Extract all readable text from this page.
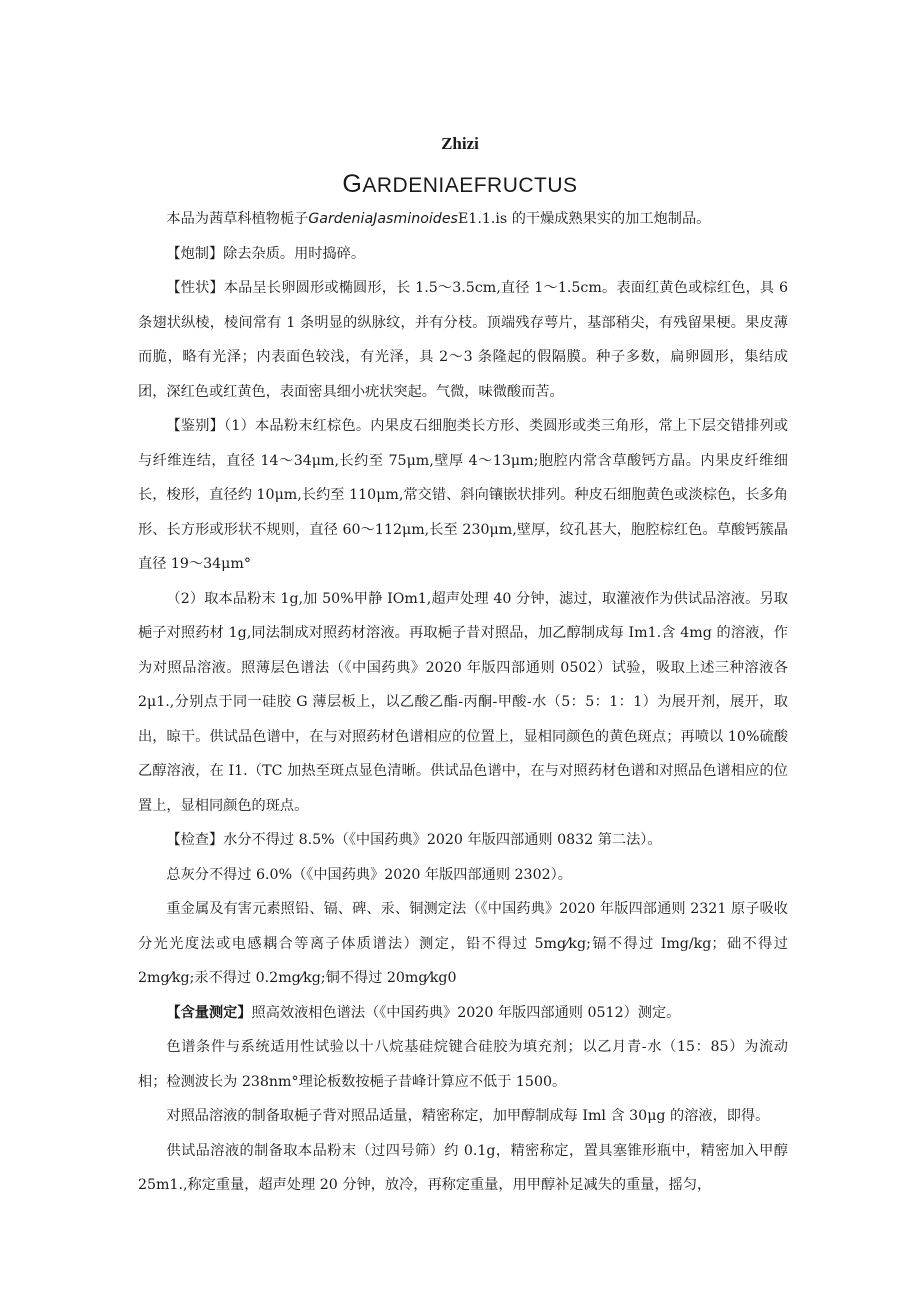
Zhizi
GARDENIAEFRUCTUS

本品为茜草科植物栀子GardeniaJasminoidesE1.1.is 的干燥成熟果实的加工炮制品。

【炮制】除去杂质。用时捣碎。

【性状】本品呈长卵圆形或椭圆形，长 1.5～3.5cm,直径 1～1.5cm。表面红黄色或棕红色，具 6 条翅状纵棱，棱间常有 1 条明显的纵脉纹，并有分枝。顶端残存萼片，基部稍尖，有残留果梗。果皮薄而脆，略有光泽；内表面色较浅，有光泽，具 2～3 条隆起的假隔膜。种子多数，扁卵圆形，集结成团，深红色或红黄色，表面密具细小疣状突起。气微，味微酸而苦。

【鉴别】（1）本品粉末红棕色。内果皮石细胞类长方形、类圆形或类三角形，常上下层交错排列或与纤维连结，直径 14～34μm,长约至 75μm,壁厚 4～13μm;胞腔内常含草酸钙方晶。内果皮纤维细长，梭形，直径约 10μm,长约至 110μm,常交错、斜向镶嵌状排列。种皮石细胞黄色或淡棕色，长多角形、长方形或形状不规则，直径 60～112μm,长至 230μm,壁厚，纹孔甚大，胞腔棕红色。草酸钙簇晶直径 19～34μm°

（2）取本品粉末 1g,加 50%甲静 IOm1,超声处理 40 分钟，滤过，取灌液作为供试品溶液。另取梔子对照药材 1g,同法制成对照药材溶液。再取梔子昔对照品，加乙醇制成每 Im1.含 4mg 的溶液，作为对照品溶液。照薄层色谱法（《中国药典》2020 年版四部通则 0502）试验，吸取上述三种溶液各 2μ1.,分别点于同一硅胶 G 薄层板上，以乙酸乙酯-丙酮-甲酸-水（5：5：1：1）为展开剂，展开，取出，晾干。供试品色谱中，在与对照药材色谱相应的位置上，显相同颜色的黄色斑点；再喷以 10%硫酸乙醇溶液，在 I1.（TC 加热至斑点显色清晰。供试品色谱中，在与对照药材色谱和对照品色谱相应的位置上，显相同颜色的斑点。

【检查】水分不得过 8.5%（《中国药典》2020 年版四部通则 0832 第二法）。

总灰分不得过 6.0%（《中国药典》2020 年版四部通则 2302）。

重金属及有害元素照铅、镉、碑、汞、铜测定法（《中国药典》2020 年版四部通则 2321 原子吸收分光光度法或电感耦合等离子体质谱法）测定，铅不得过 5mg⁄kg;镉不得过 Img/kg；础不得过 2mg⁄kg;汞不得过 0.2mg⁄kg;铜不得过 20mg⁄kg0

【含量测定】照高效液相色谱法（《中国药典》2020 年版四部通则 0512）测定。

色谱条件与系统适用性试验以十八烷基硅烷键合硅胶为填充剂；以乙月青-水（15：85）为流动相；检测波长为 238nm°理论板数按梔子昔峰计算应不低于 1500。

对照品溶液的制备取梔子背对照品适量，精密称定，加甲醇制成每 Iml 含 30μg 的溶液，即得。

供试品溶液的制备取本品粉末（过四号筛）约 0.1g，精密称定，置具塞锥形瓶中，精密加入甲醇 25m1.,称定重量，超声处理 20 分钟，放冷，再称定重量，用甲醇补足减失的重量，摇匀，
